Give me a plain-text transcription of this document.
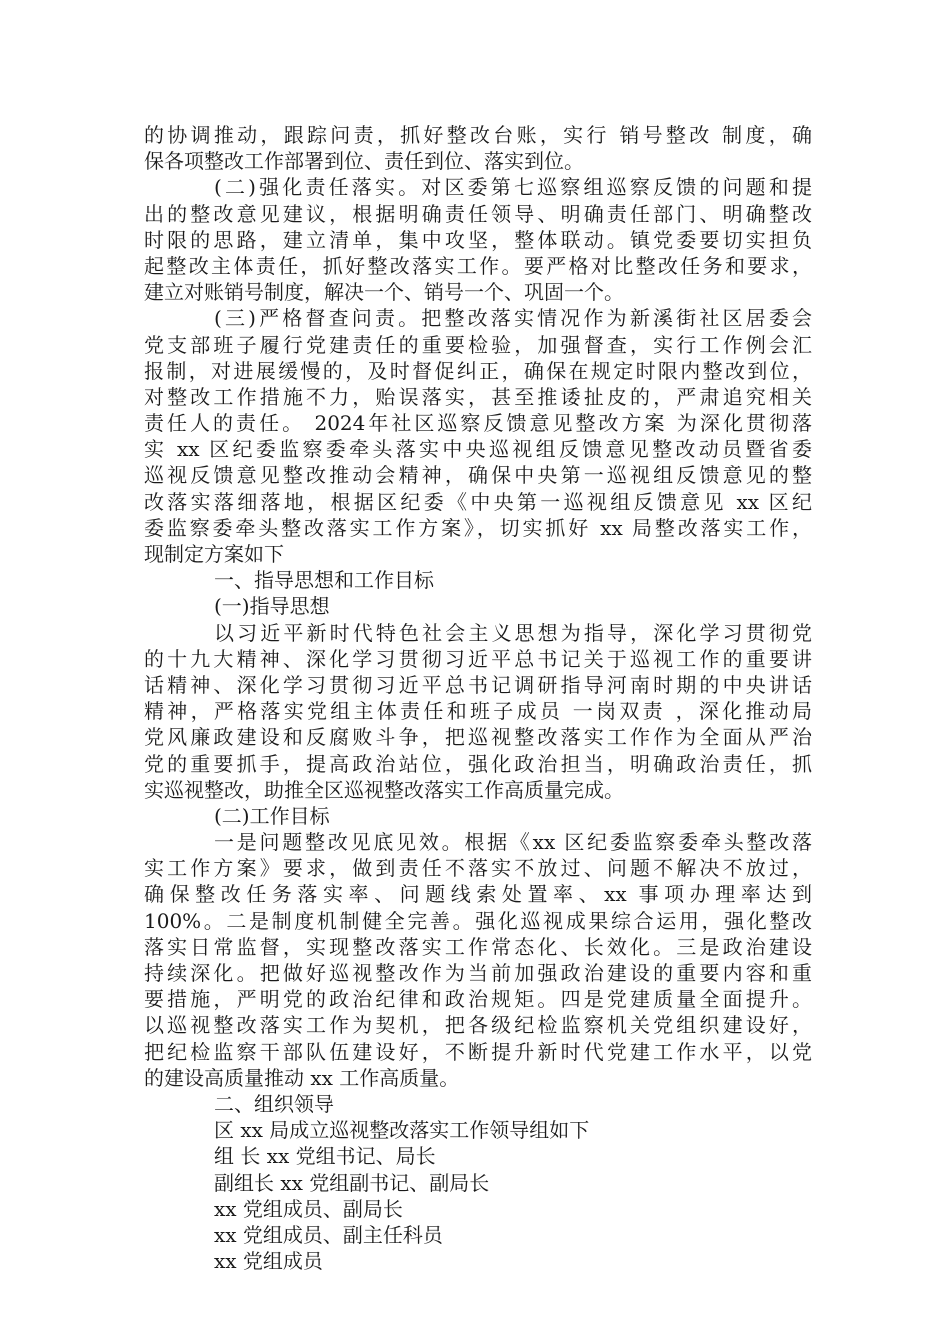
的协调推动，跟踪问责，抓好整改台账，实行 销号整改 制度，确
保各项整改工作部署到位、责任到位、落实到位。
(二)强化责任落实。对区委第七巡察组巡察反馈的问题和提
出的整改意见建议，根据明确责任领导、明确责任部门、明确整改
时限的思路，建立清单，集中攻坚，整体联动。镇党委要切实担负
起整改主体责任，抓好整改落实工作。要严格对比整改任务和要求，
建立对账销号制度，解决一个、销号一个、巩固一个。
(三)严格督查问责。把整改落实情况作为新溪街社区居委会
党支部班子履行党建责任的重要检验，加强督查，实行工作例会汇
报制，对进展缓慢的，及时督促纠正，确保在规定时限内整改到位，
对整改工作措施不力，贻误落实，甚至推诿扯皮的，严肃追究相关
责任人的责任。 2024年社区巡察反馈意见整改方案 为深化贯彻落
实 xx 区纪委监察委牵头落实中央巡视组反馈意见整改动员暨省委
巡视反馈意见整改推动会精神，确保中央第一巡视组反馈意见的整
改落实落细落地，根据区纪委《中央第一巡视组反馈意见 xx 区纪
委监察委牵头整改落实工作方案》，切实抓好 xx 局整改落实工作，
现制定方案如下
一、指导思想和工作目标
(一)指导思想
以习近平新时代特色社会主义思想为指导，深化学习贯彻党
的十九大精神、深化学习贯彻习近平总书记关于巡视工作的重要讲
话精神、深化学习贯彻习近平总书记调研指导河南时期的中央讲话
精神，严格落实党组主体责任和班子成员 一岗双责 ，深化推动局
党风廉政建设和反腐败斗争，把巡视整改落实工作作为全面从严治
党的重要抓手，提高政治站位，强化政治担当，明确政治责任，抓
实巡视整改，助推全区巡视整改落实工作高质量完成。
(二)工作目标
一是问题整改见底见效。根据《xx 区纪委监察委牵头整改落
实工作方案》要求，做到责任不落实不放过、问题不解决不放过，
确保整改任务落实率、问题线索处置率、xx 事项办理率达到
100%。二是制度机制健全完善。强化巡视成果综合运用，强化整改
落实日常监督，实现整改落实工作常态化、长效化。三是政治建设
持续深化。把做好巡视整改作为当前加强政治建设的重要内容和重
要措施，严明党的政治纪律和政治规矩。四是党建质量全面提升。
以巡视整改落实工作为契机，把各级纪检监察机关党组织建设好，
把纪检监察干部队伍建设好，不断提升新时代党建工作水平，以党
的建设高质量推动 xx 工作高质量。
二、组织领导
区 xx 局成立巡视整改落实工作领导组如下
组 长 xx 党组书记、局长
副组长 xx 党组副书记、副局长
xx 党组成员、副局长
xx 党组成员、副主任科员
xx 党组成员
